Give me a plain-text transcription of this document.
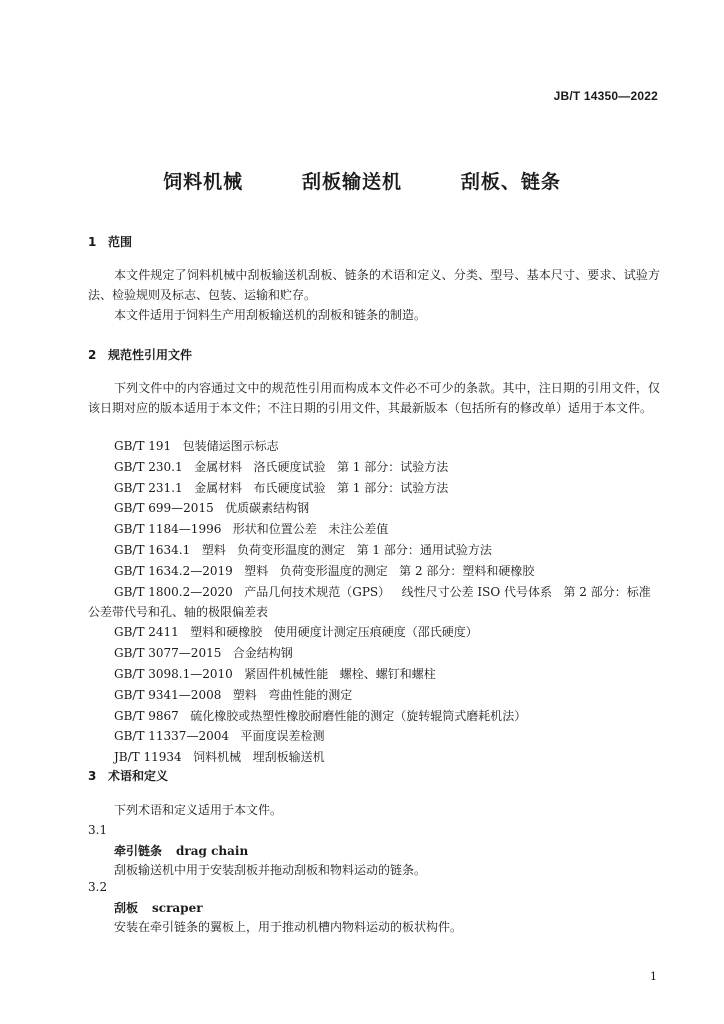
JB/T 14350—2022
饲料机械   刮板输送机   刮板、链条
1 范围
本文件规定了饲料机械中刮板输送机刮板、链条的术语和定义、分类、型号、基本尺寸、要求、试验方法、检验规则及标志、包装、运输和贮存。
本文件适用于饲料生产用刮板输送机的刮板和链条的制造。
2 规范性引用文件
下列文件中的内容通过文中的规范性引用而构成本文件必不可少的条款。其中，注日期的引用文件，仅该日期对应的版本适用于本文件；不注日期的引用文件，其最新版本（包括所有的修改单）适用于本文件。
GB/T 191 包装储运图示标志
GB/T 230.1 金属材料   洛氏硬度试验   第 1 部分：试验方法
GB/T 231.1 金属材料   布氏硬度试验   第 1 部分：试验方法
GB/T 699—2015 优质碳素结构钢
GB/T 1184—1996 形状和位置公差   未注公差值
GB/T 1634.1 塑料   负荷变形温度的测定   第 1 部分：通用试验方法
GB/T 1634.2—2019 塑料   负荷变形温度的测定   第 2 部分：塑料和硬橡胶
GB/T 1800.2—2020 产品几何技术规范（GPS）   线性尺寸公差 ISO 代号体系   第 2 部分：标准公差带代号和孔、轴的极限偏差表
GB/T 2411 塑料和硬橡胶   使用硬度计测定压痕硬度（邵氏硬度）
GB/T 3077—2015 合金结构钢
GB/T 3098.1—2010 紧固件机械性能   螺栓、螺钉和螺柱
GB/T 9341—2008 塑料   弯曲性能的测定
GB/T 9867 硫化橡胶或热塑性橡胶耐磨性能的测定（旋转辊筒式磨耗机法）
GB/T 11337—2004 平面度误差检测
JB/T 11934 饲料机械   埋刮板输送机
3 术语和定义
下列术语和定义适用于本文件。
3.1
牵引链条 drag chain
刮板输送机中用于安装刮板并拖动刮板和物料运动的链条。
3.2
刮板 scraper
安装在牵引链条的翼板上，用于推动机槽内物料运动的板状构件。
1
